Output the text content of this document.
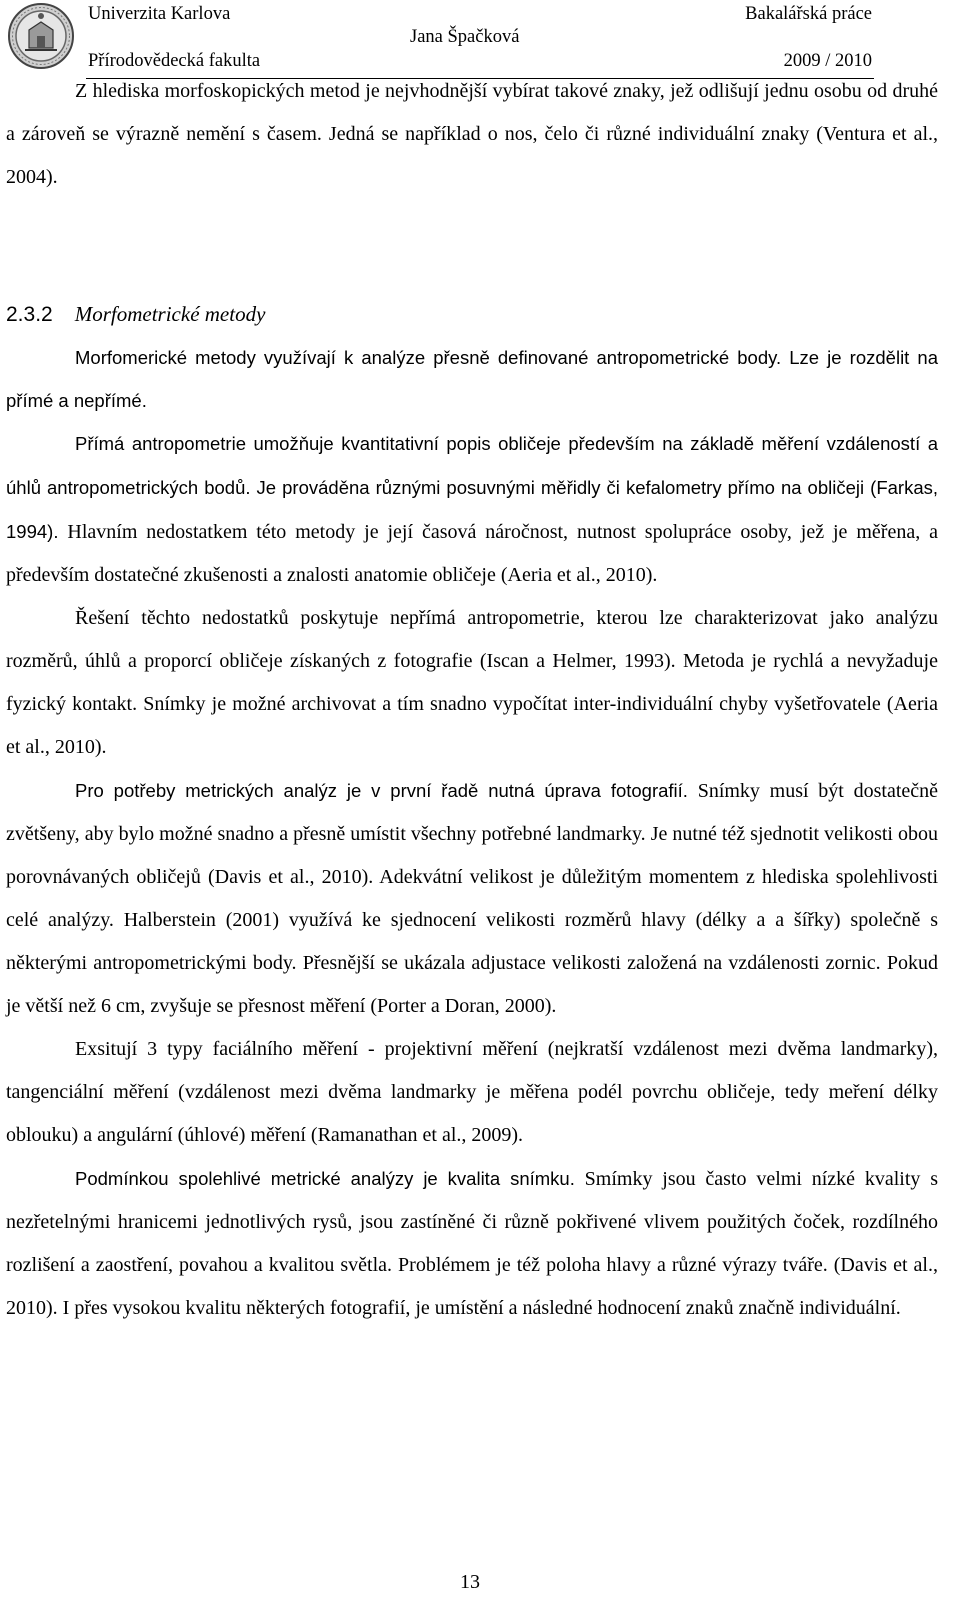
Univerzita Karlova
Přírodovědecká fakulta
Jana Špačková
Bakalářská práce
2009 / 2010

Z hlediska morfoskopických metod je nejvhodnější vybírat takové znaky, jež odlišují jednu osobu od druhé a zároveň se výrazně nemění s časem. Jedná se například o nos, čelo či různé individuální znaky (Ventura et al., 2004).

2.3.2 Morfometrické metody

Morfomerické metody využívají k analýze přesně definované antropometrické body. Lze je rozdělit na přímé a nepřímé.

Přímá antropometrie umožňuje kvantitativní popis obličeje především na základě měření vzdáleností a úhlů antropometrických bodů. Je prováděna různými posuvnými měřidly či kefalometry přímo na obličeji (Farkas, 1994). Hlavním nedostatkem této metody je její časová náročnost, nutnost spolupráce osoby, jež je měřena, a především dostatečné zkušenosti a znalosti anatomie obličeje (Aeria et al., 2010).

Řešení těchto nedostatků poskytuje nepřímá antropometrie, kterou lze charakterizovat jako analýzu rozměrů, úhlů a proporcí obličeje získaných z fotografie (Iscan a Helmer, 1993). Metoda je rychlá a nevyžaduje fyzický kontakt. Snímky je možné archivovat a tím snadno vypočítat inter-individuální chyby vyšetřovatele (Aeria et al., 2010).

Pro potřeby metrických analýz je v první řadě nutná úprava fotografií. Snímky musí být dostatečně zvětšeny, aby bylo možné snadno a přesně umístit všechny potřebné landmarky. Je nutné též sjednotit velikosti obou porovnávaných obličejů (Davis et al., 2010). Adekvátní velikost je důležitým momentem z hlediska spolehlivosti celé analýzy. Halberstein (2001) využívá ke sjednocení velikosti rozměrů hlavy (délky a a šířky) společně s některými antropometrickými body. Přesnější se ukázala adjustace velikosti založená na vzdálenosti zornic. Pokud je větší než 6 cm, zvyšuje se přesnost měření (Porter a Doran, 2000).

Exsitují 3 typy faciálního měření - projektivní měření (nejkratší vzdálenost mezi dvěma landmarky), tangenciální měření (vzdálenost mezi dvěma landmarky je měřena podél povrchu obličeje, tedy meření délky oblouku) a angulární (úhlové) měření (Ramanathan et al., 2009).

Podmínkou spolehlivé metrické analýzy je kvalita snímku. Smímky jsou často velmi nízké kvality s nezřetelnými hranicemi jednotlivých rysů, jsou zastíněné či různě pokřivené vlivem použitých čoček, rozdílného rozlišení a zaostření, povahou a kvalitou světla. Problémem je též poloha hlavy a různé výrazy tváře. (Davis et al., 2010). I přes vysokou kvalitu některých fotografií, je umístění a následné hodnocení znaků značně individuální.

13
